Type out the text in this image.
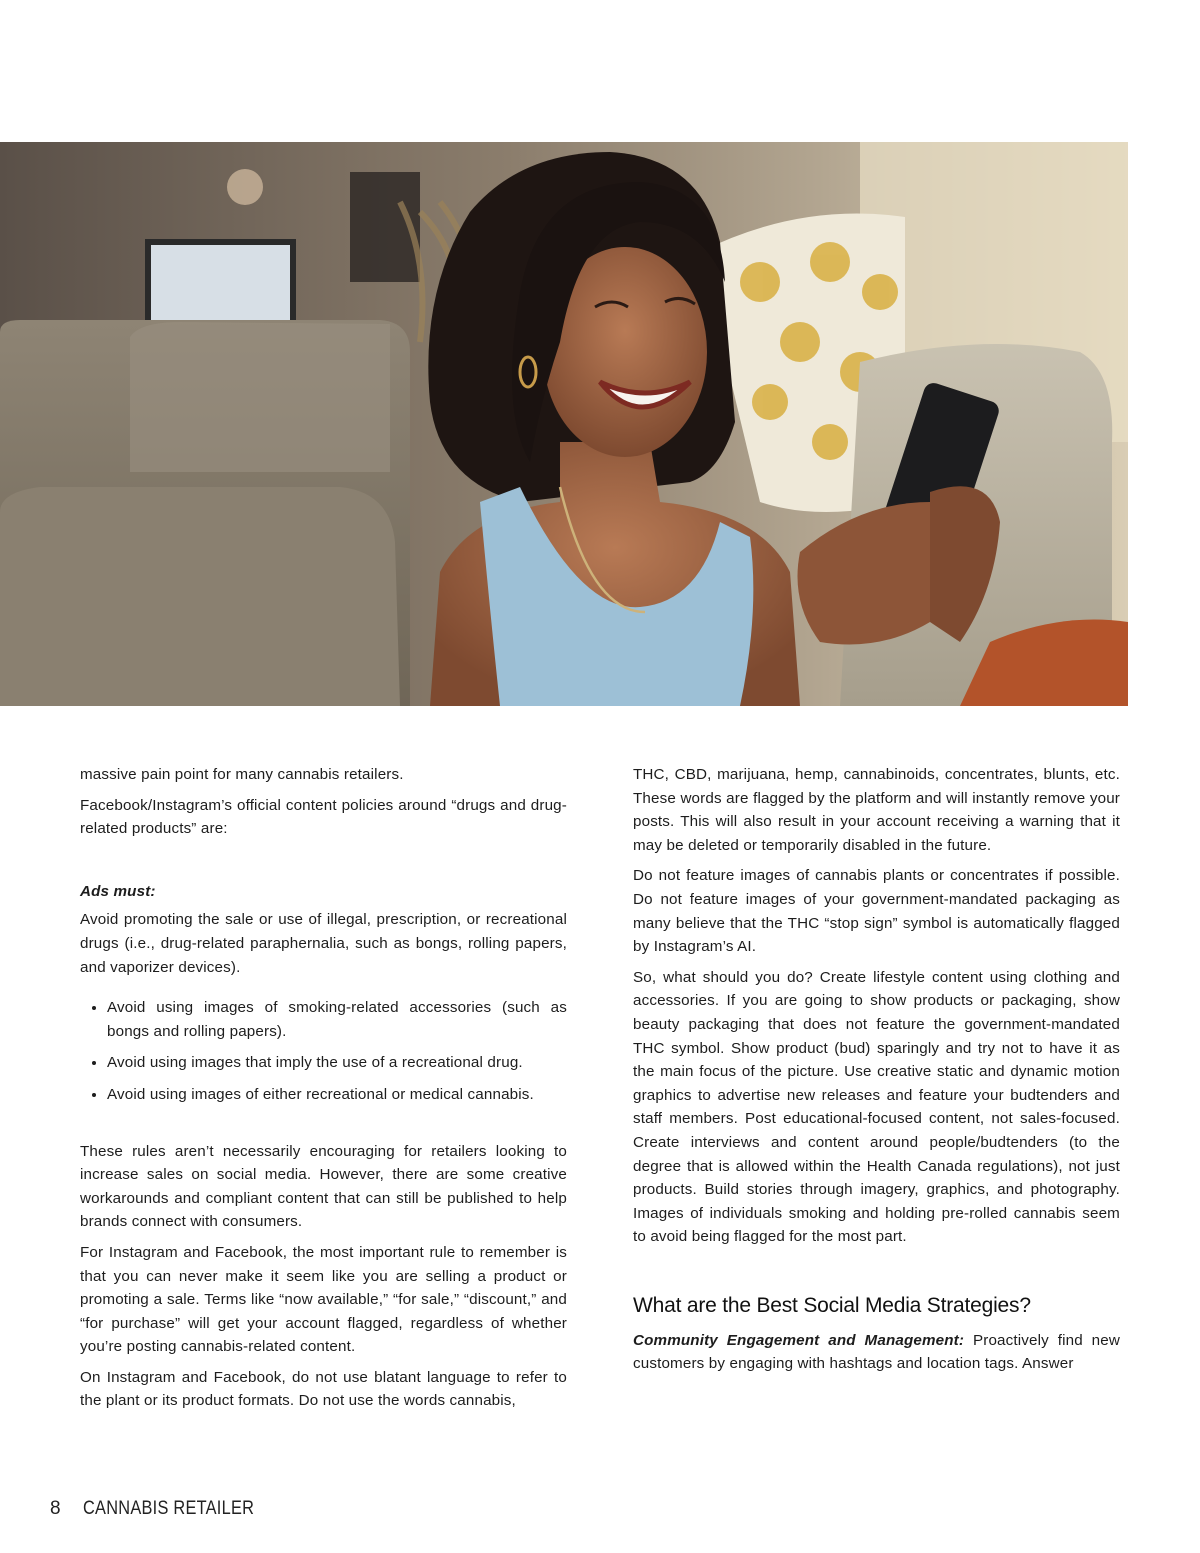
massive pain point for many cannabis retailers.

Facebook/Instagram’s official content policies around “drugs and drug-related products” are:

Ads must:

Avoid promoting the sale or use of illegal, prescription, or recreational drugs (i.e., drug-related paraphernalia, such as bongs, rolling papers, and vaporizer devices).

• Avoid using images of smoking-related accessories (such as bongs and rolling papers).
• Avoid using images that imply the use of a recreational drug.
• Avoid using images of either recreational or medical cannabis.

These rules aren’t necessarily encouraging for retailers looking to increase sales on social media. However, there are some creative workarounds and compliant content that can still be published to help brands connect with consumers.

For Instagram and Facebook, the most important rule to remember is that you can never make it seem like you are selling a product or promoting a sale. Terms like “now available,” “for sale,” “discount,” and “for purchase” will get your account flagged, regardless of whether you’re posting cannabis-related content.

On Instagram and Facebook, do not use blatant language to refer to the plant or its product formats. Do not use the words cannabis,

THC, CBD, marijuana, hemp, cannabinoids, concentrates, blunts, etc. These words are flagged by the platform and will instantly remove your posts. This will also result in your account receiving a warning that it may be deleted or temporarily disabled in the future.

Do not feature images of cannabis plants or concentrates if possible. Do not feature images of your government-mandated packaging as many believe that the THC “stop sign” symbol is automatically flagged by Instagram’s AI.

So, what should you do? Create lifestyle content using clothing and accessories. If you are going to show products or packaging, show beauty packaging that does not feature the government-mandated THC symbol. Show product (bud) sparingly and try not to have it as the main focus of the picture. Use creative static and dynamic motion graphics to advertise new releases and feature your budtenders and staff members. Post educational-focused content, not sales-focused. Create interviews and content around people/budtenders (to the degree that is allowed within the Health Canada regulations), not just products. Build stories through imagery, graphics, and photography. Images of individuals smoking and holding pre-rolled cannabis seem to avoid being flagged for the most part.

What are the Best Social Media Strategies?

Community Engagement and Management: Proactively find new customers by engaging with hashtags and location tags. Answer

8 CANNABIS RETAILER
